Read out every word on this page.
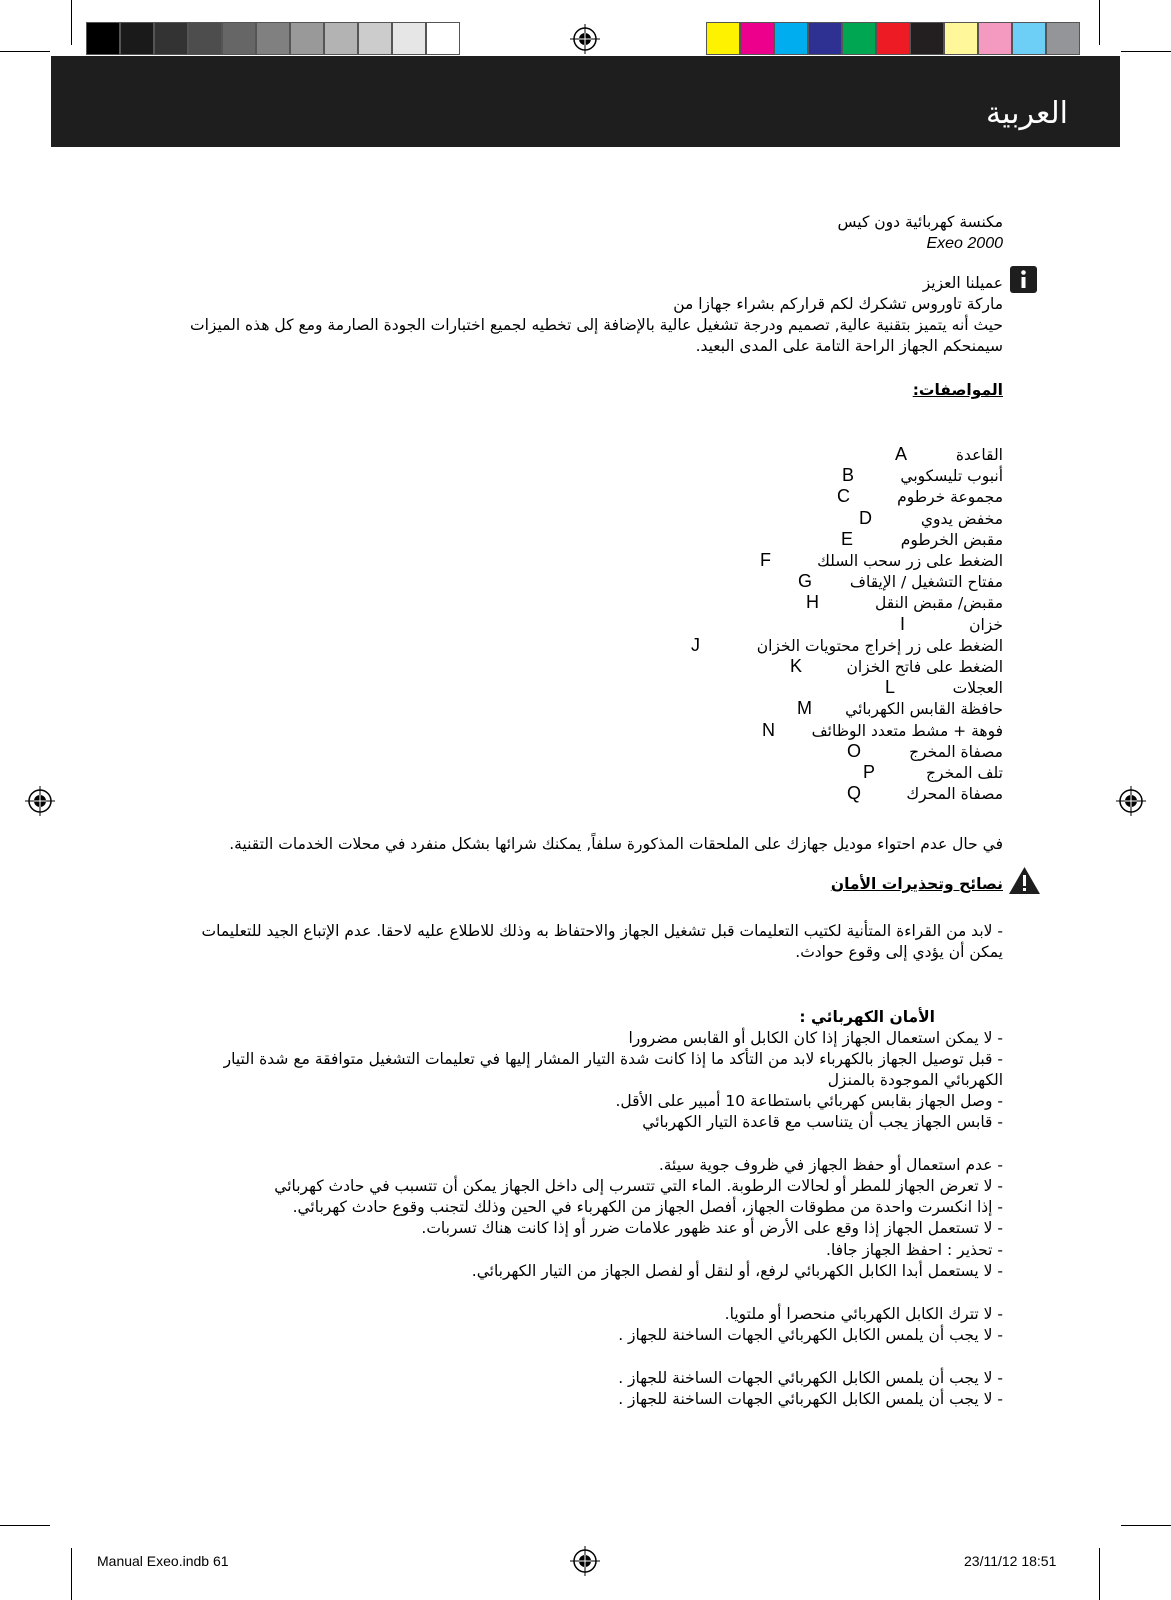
العربية
مكنسة كهربائية دون كيس
Exeo 2000
عميلنا العزيز
ماركة تاوروس تشكرك لكم قراركم بشراء جهازا من
حيث أنه يتميز بتقنية عالية, تصميم ودرجة تشغيل عالية بالإضافة إلى تخطيه لجميع اختبارات الجودة الصارمة ومع كل هذه الميزات سيمنحكم الجهاز الراحة التامة على المدى البعيد.
المواصفات:
القاعدة
A
أنبوب تليسكوبي
B
مجموعة خرطوم
C
مخفض يدوي
D
مقبض الخرطوم
E
الضغط على زر سحب السلك
F
مفتاح التشغيل / الإيقاف
G
مقبض/ مقبض النقل
H
خزان
I
الضغط على زر إخراج محتويات الخزان
J
الضغط على فاتح الخزان
K
العجلات
L
حافظة القابس الكهربائي
M
فوهة + مشط متعدد الوظائف
N
مصفاة المخرج
O
تلف المخرج
P
مصفاة المحرك
Q
في حال عدم احتواء موديل جهازك على الملحقات المذكورة سلفاً, يمكنك شرائها بشكل منفرد في محلات الخدمات التقنية.
نصائح وتحذيرات الأمان
- لابد من القراءة المتأنية لكتيب التعليمات قبل تشغيل الجهاز والاحتفاظ به وذلك للاطلاع عليه لاحقا. عدم الإتباع الجيد للتعليمات يمكن أن يؤدي إلى وقوع حوادث.
الأمان الكهربائي :
- لا يمكن استعمال الجهاز إذا كان الكابل أو القابس مضرورا
- قبل توصيل الجهاز بالكهرباء لابد من التأكد ما إذا كانت شدة التيار المشار إليها في تعليمات التشغيل متوافقة مع شدة التيار الكهربائي الموجودة بالمنزل
- وصل الجهاز بقابس كهربائي باستطاعة 10 أمبير على الأقل.
- قابس الجهاز يجب أن يتناسب مع قاعدة التيار الكهربائي
- عدم استعمال أو حفظ الجهاز في ظروف جوية سيئة.
- لا تعرض الجهاز للمطر أو لحالات الرطوبة. الماء التي تتسرب إلى داخل الجهاز يمكن أن تتسبب في حادث كهربائي
- إذا انكسرت واحدة من مطوقات الجهاز، أفصل الجهاز من الكهرباء في الحين وذلك لتجنب وقوع حادث كهربائي.
- لا تستعمل الجهاز إذا وقع على الأرض أو عند ظهور علامات ضرر أو إذا كانت هناك تسربات.
- تحذير : احفظ الجهاز جافا.
- لا يستعمل أبدا الكابل الكهربائي لرفع، أو لنقل أو لفصل الجهاز من التيار الكهربائي.
- لا تترك الكابل الكهربائي منحصرا أو ملتويا.
- لا يجب أن يلمس الكابل الكهربائي الجهات الساخنة للجهاز .
- لا يجب أن يلمس الكابل الكهربائي الجهات الساخنة للجهاز .
- لا يجب أن يلمس الكابل الكهربائي الجهات الساخنة للجهاز .
Manual Exeo.indb 61	23/11/12 18:51
